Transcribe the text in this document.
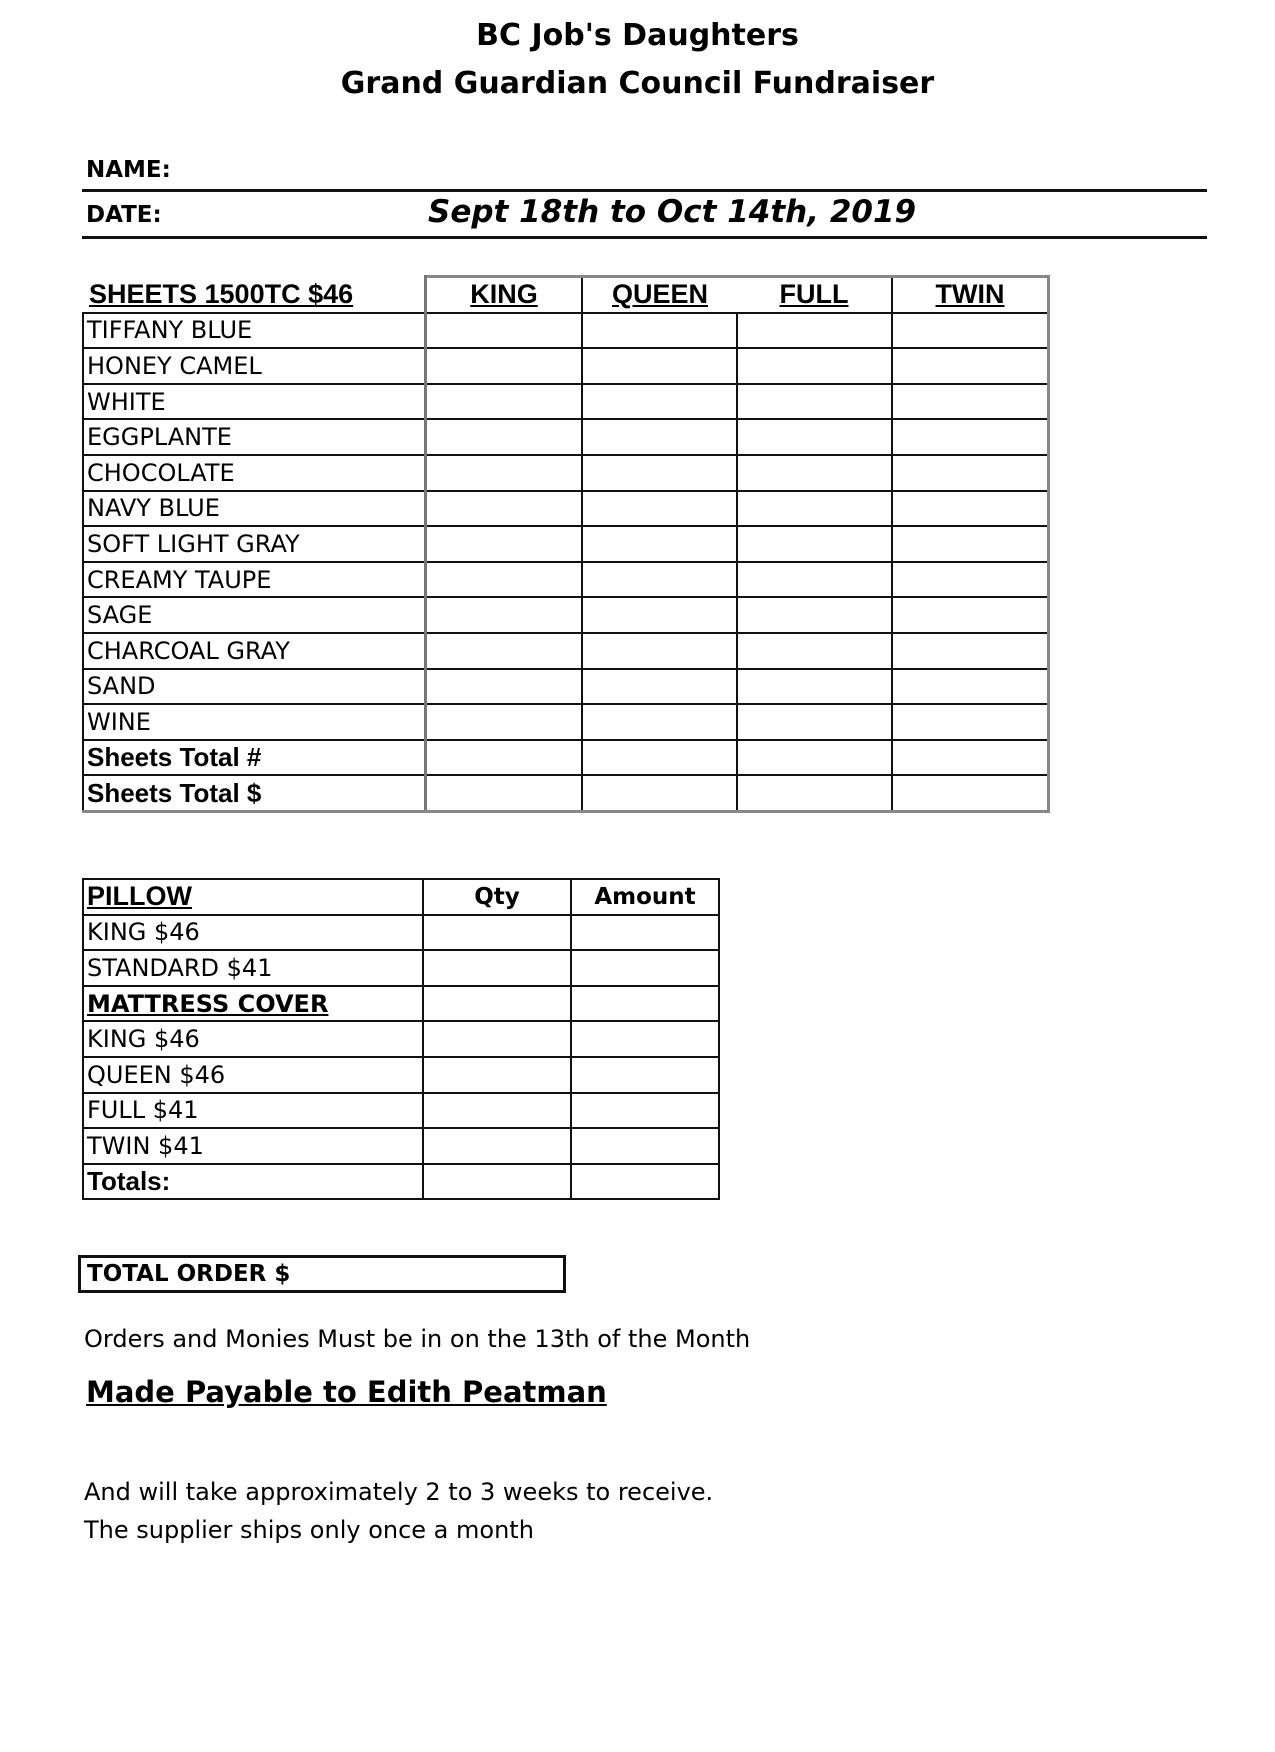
BC Job's Daughters
Grand Guardian Council Fundraiser
NAME:
DATE:	Sept 18th to Oct 14th, 2019
SHEETS 1500TC $46	KING	QUEEN	FULL	TWIN
TIFFANY BLUE				
HONEY CAMEL				
WHITE				
EGGPLANTE				
CHOCOLATE				
NAVY BLUE				
SOFT LIGHT GRAY				
CREAMY TAUPE				
SAGE				
CHARCOAL GRAY				
SAND				
WINE				
Sheets Total #				
Sheets Total $				
PILLOW	Qty	Amount
KING $46		
STANDARD $41		
MATTRESS COVER		
KING $46		
QUEEN $46		
FULL $41		
TWIN $41		
Totals:		
TOTAL ORDER $
Orders and Monies Must be in on the 13th of the Month
Made Payable to Edith Peatman
And will take approximately 2 to 3 weeks to receive.
The supplier ships only once a month
